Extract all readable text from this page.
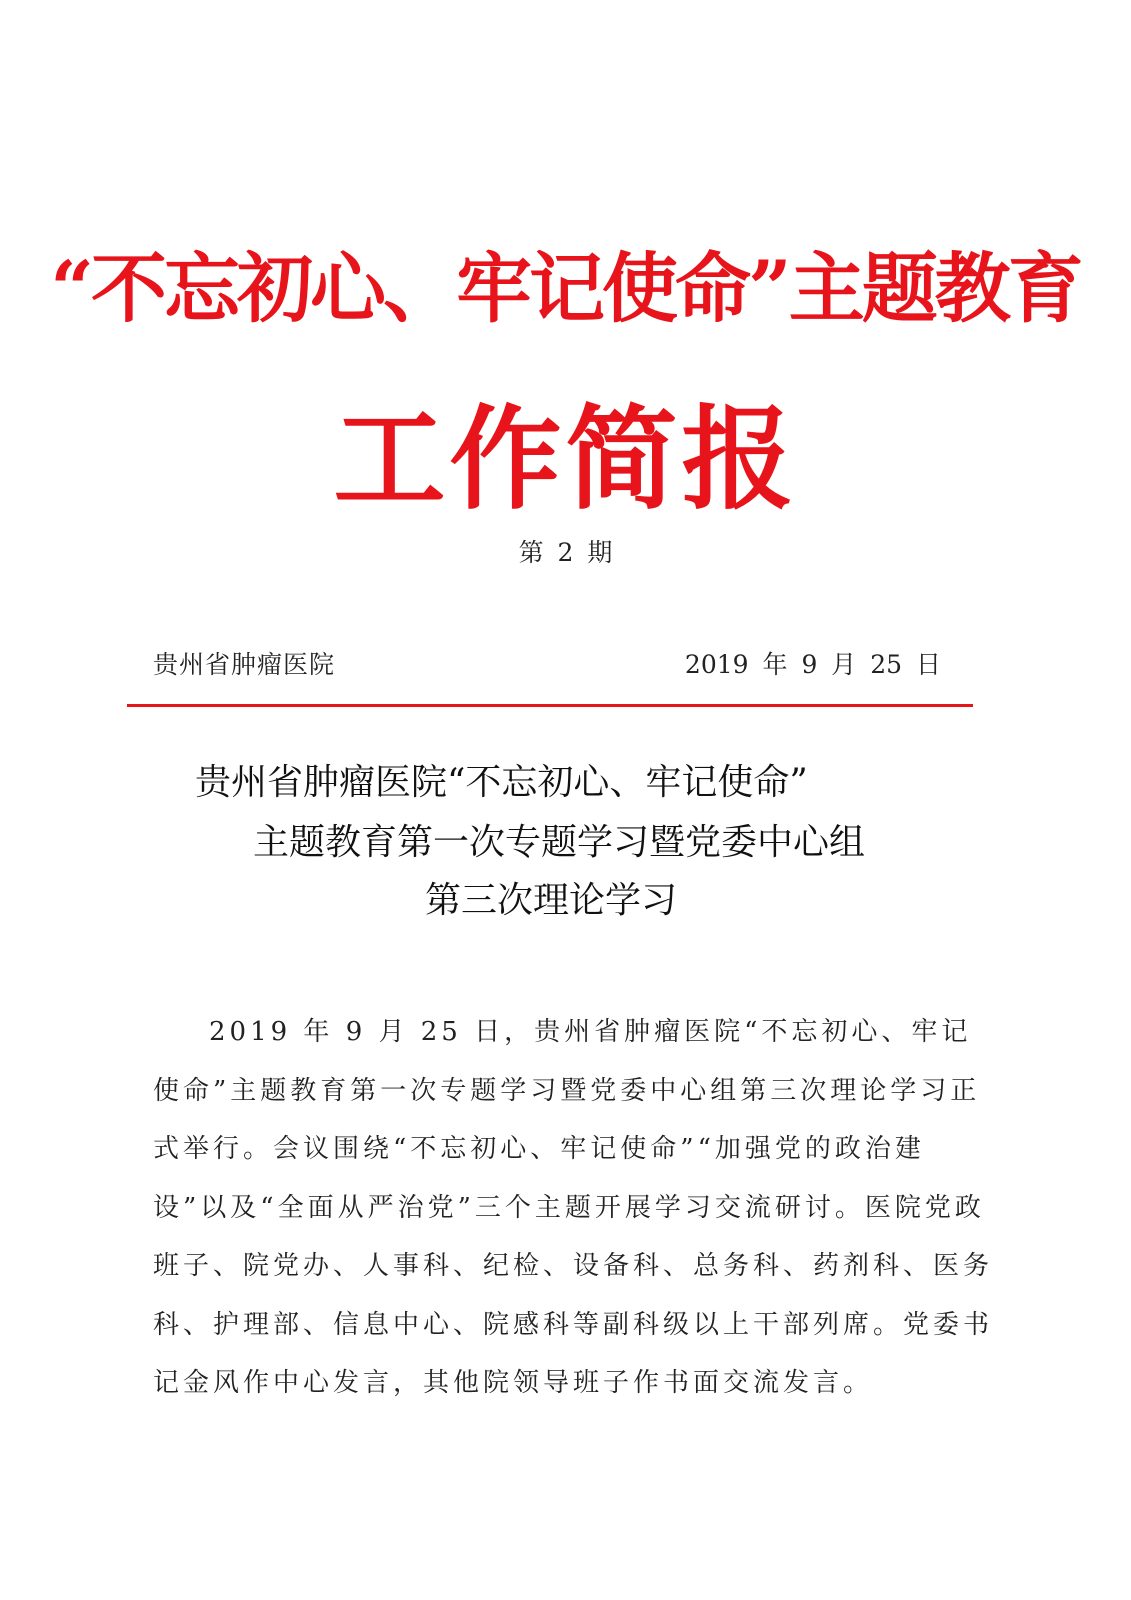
“不忘初心、牢记使命”主题教育
工作简报
第 2 期
贵州省肿瘤医院	2019 年 9 月 25 日
贵州省肿瘤医院“不忘初心、牢记使命”
主题教育第一次专题学习暨党委中心组
第三次理论学习
2019 年 9 月 25 日，贵州省肿瘤医院“不忘初心、牢记使命”主题教育第一次专题学习暨党委中心组第三次理论学习正式举行。会议围绕“不忘初心、牢记使命”“加强党的政治建设”以及“全面从严治党”三个主题开展学习交流研讨。医院党政班子、院党办、人事科、纪检、设备科、总务科、药剂科、医务科、护理部、信息中心、院感科等副科级以上干部列席。党委书记金风作中心发言，其他院领导班子作书面交流发言。
